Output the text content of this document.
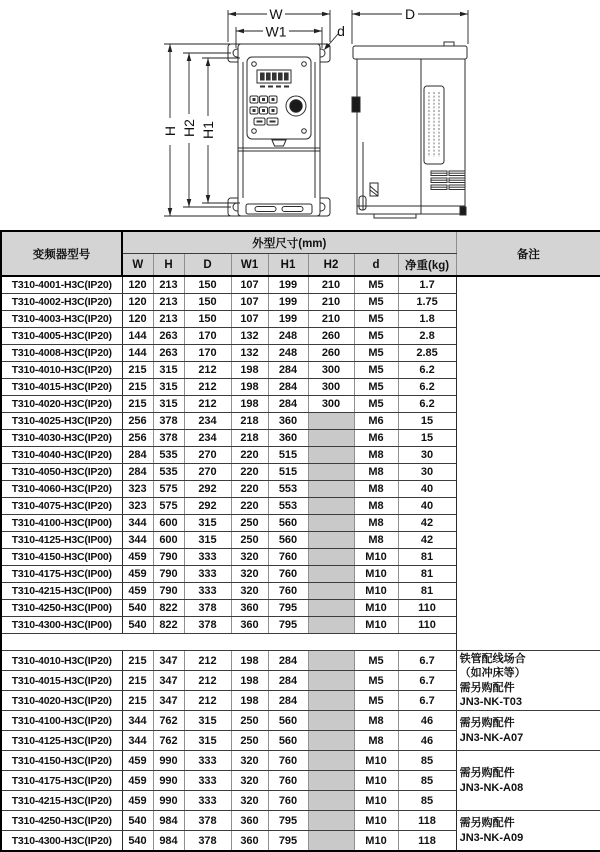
W
W1	d
D
H H2 H1
变频器型号	外型尺寸(mm)								备注
	W	H	D	W1	H1	H2	d	净重(kg)	
T310-4001-H3C(IP20)	120	213	150	107	199	210	M5	1.7	
T310-4002-H3C(IP20)	120	213	150	107	199	210	M5	1.75	
T310-4003-H3C(IP20)	120	213	150	107	199	210	M5	1.8	
T310-4005-H3C(IP20)	144	263	170	132	248	260	M5	2.8	
T310-4008-H3C(IP20)	144	263	170	132	248	260	M5	2.85	
T310-4010-H3C(IP20)	215	315	212	198	284	300	M5	6.2	
T310-4015-H3C(IP20)	215	315	212	198	284	300	M5	6.2	
T310-4020-H3C(IP20)	215	315	212	198	284	300	M5	6.2	
T310-4025-H3C(IP20)	256	378	234	218	360		M6	15	
T310-4030-H3C(IP20)	256	378	234	218	360		M6	15	
T310-4040-H3C(IP20)	284	535	270	220	515		M8	30	
T310-4050-H3C(IP20)	284	535	270	220	515		M8	30	
T310-4060-H3C(IP20)	323	575	292	220	553		M8	40	
T310-4075-H3C(IP20)	323	575	292	220	553		M8	40	
T310-4100-H3C(IP00)	344	600	315	250	560		M8	42	
T310-4125-H3C(IP00)	344	600	315	250	560		M8	42	
T310-4150-H3C(IP00)	459	790	333	320	760		M10	81	
T310-4175-H3C(IP00)	459	790	333	320	760		M10	81	
T310-4215-H3C(IP00)	459	790	333	320	760		M10	81	
T310-4250-H3C(IP00)	540	822	378	360	795		M10	110	
T310-4300-H3C(IP00)	540	822	378	360	795		M10	110	

T310-4010-H3C(IP20)	215	347	212	198	284		M5	6.7	铁管配线场合
（如冲床等）
需另购配件
JN3-NK-T03
T310-4015-H3C(IP20)	215	347	212	198	284		M5	6.7	
T310-4020-H3C(IP20)	215	347	212	198	284		M5	6.7	
T310-4100-H3C(IP20)	344	762	315	250	560		M8	46	需另购配件
JN3-NK-A07
T310-4125-H3C(IP20)	344	762	315	250	560		M8	46	
T310-4150-H3C(IP20)	459	990	333	320	760		M10	85	需另购配件
JN3-NK-A08
T310-4175-H3C(IP20)	459	990	333	320	760		M10	85	
T310-4215-H3C(IP20)	459	990	333	320	760		M10	85	
T310-4250-H3C(IP20)	540	984	378	360	795		M10	118	需另购配件
JN3-NK-A09
T310-4300-H3C(IP20)	540	984	378	360	795		M10	118	
